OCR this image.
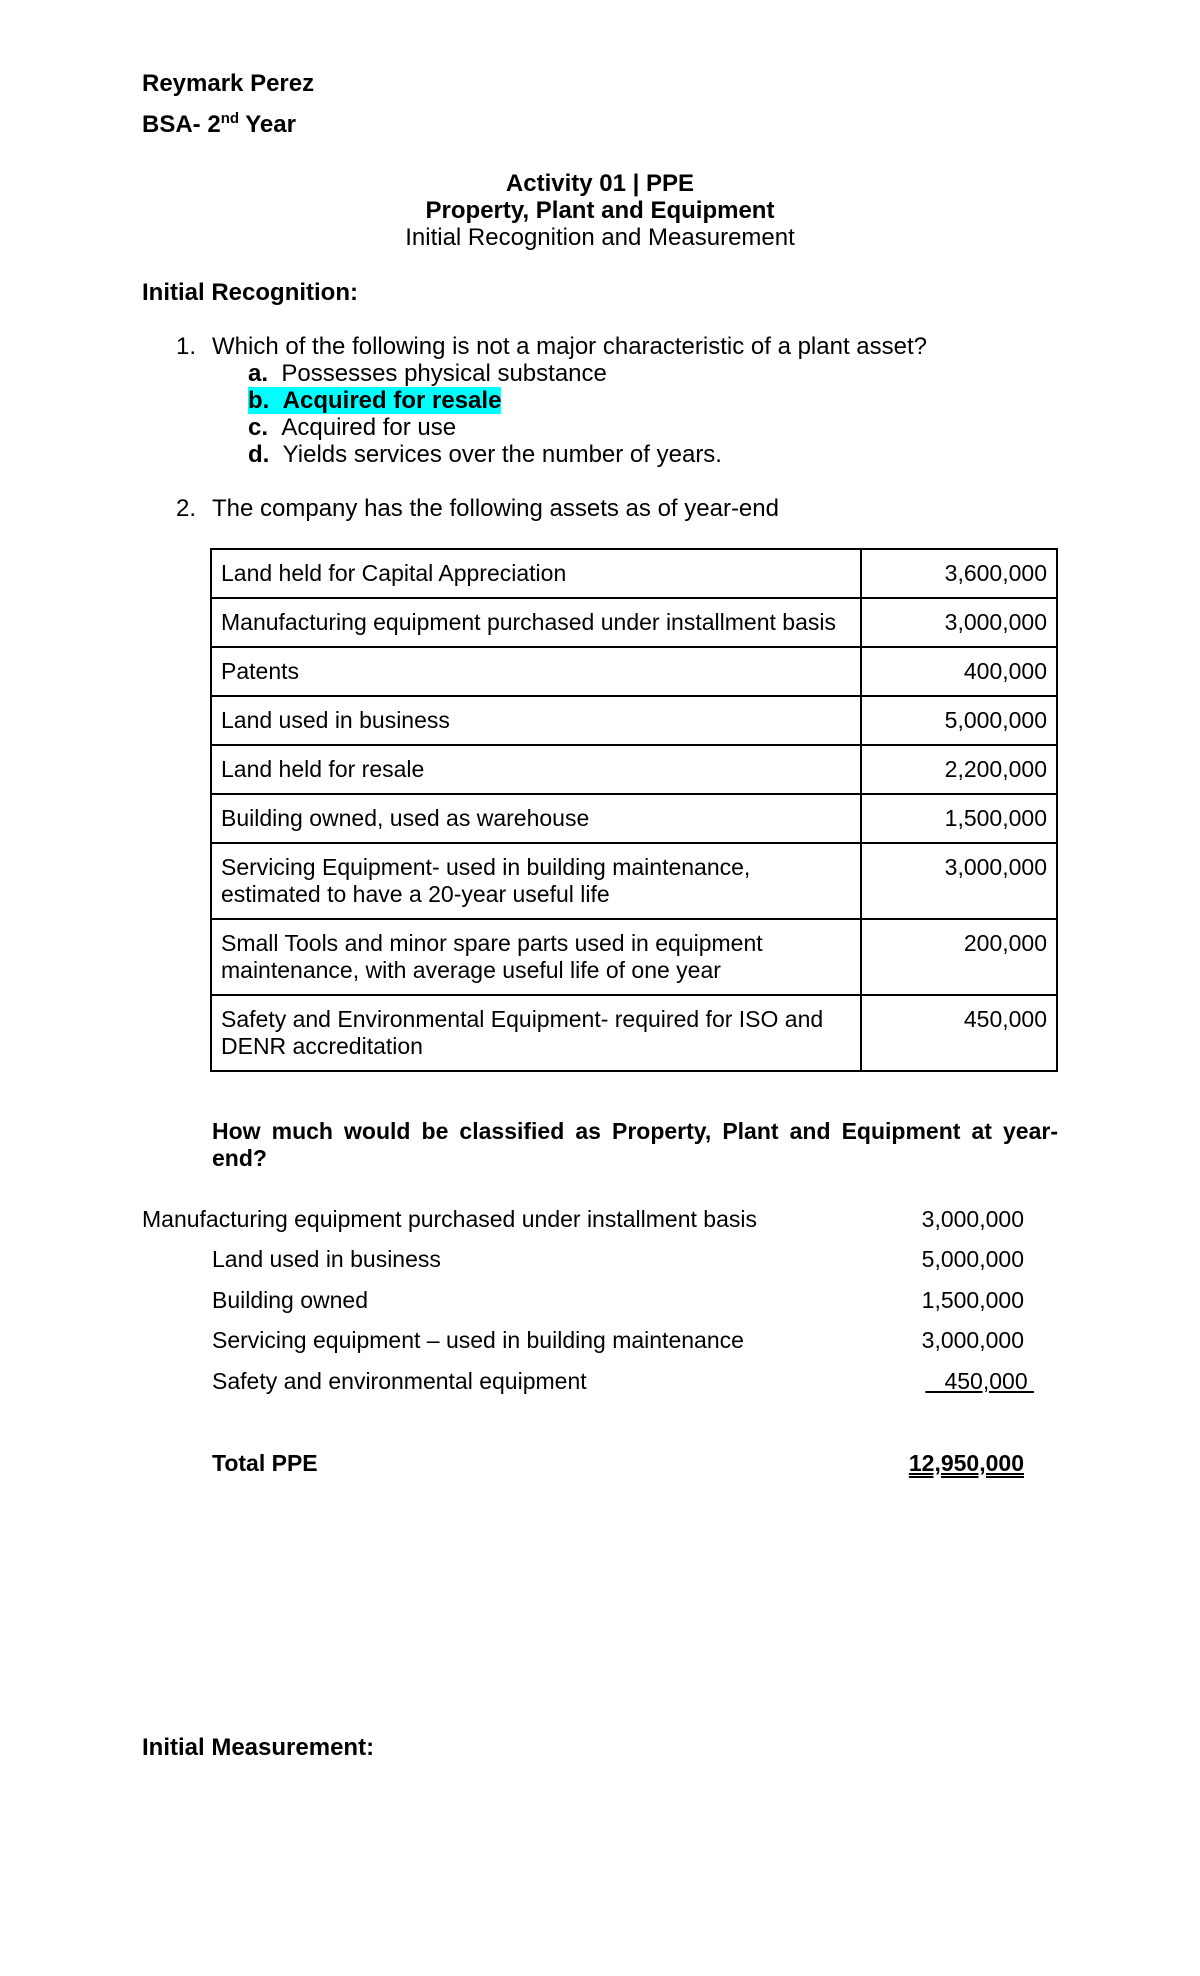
Reymark Perez
BSA- 2nd Year
Activity 01 | PPE
Property, Plant and Equipment
Initial Recognition and Measurement
Initial Recognition:
1. Which of the following is not a major characteristic of a plant asset?
a. Possesses physical substance
b. Acquired for resale
c. Acquired for use
d. Yields services over the number of years.
2. The company has the following assets as of year-end
Land held for Capital Appreciation	3,600,000
Manufacturing equipment purchased under installment basis	3,000,000
Patents	400,000
Land used in business	5,000,000
Land held for resale	2,200,000
Building owned, used as warehouse	1,500,000
Servicing Equipment- used in building maintenance, estimated to have a 20-year useful life	3,000,000
Small Tools and minor spare parts used in equipment maintenance, with average useful life of one year	200,000
Safety and Environmental Equipment- required for ISO and DENR accreditation	450,000
How much would be classified as Property, Plant and Equipment at year-end?
Manufacturing equipment purchased under installment basis	3,000,000
Land used in business	5,000,000
Building owned	1,500,000
Servicing equipment – used in building maintenance	3,000,000
Safety and environmental equipment	450,000
Total PPE	12,950,000
Initial Measurement:
